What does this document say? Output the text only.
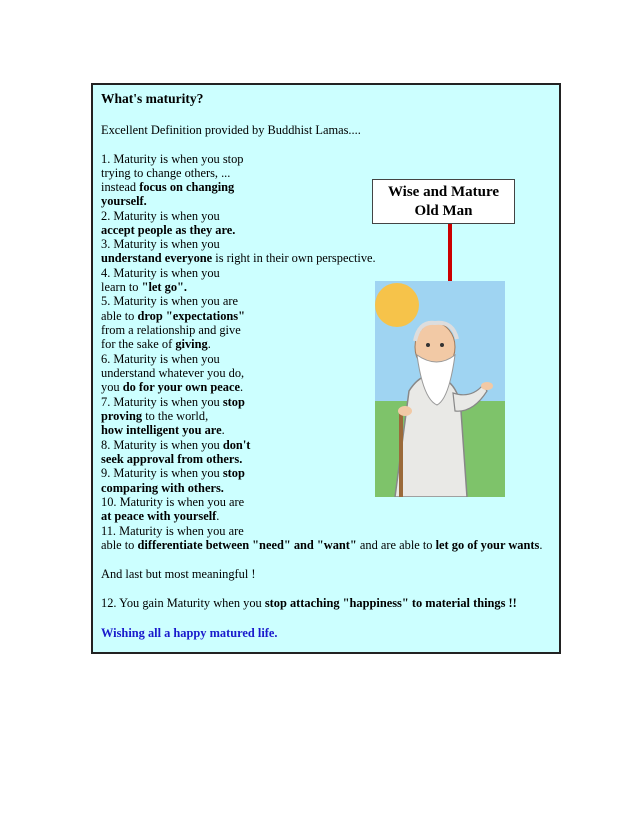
What's maturity?
Excellent Definition provided by Buddhist Lamas....
1. Maturity is when you stop
trying to change others, ...
instead focus on changing
yourself.
2. Maturity is when you
accept people as they are.
3. Maturity is when you
understand everyone is right in their own perspective.
4. Maturity is when you
learn to "let go".
5. Maturity is when you are
able to drop "expectations"
from a relationship and give
for the sake of giving.
6. Maturity is when you
understand whatever you do,
you do for your own peace.
7. Maturity is when you stop
proving to the world,
how intelligent you are.
8. Maturity is when you don't
seek approval from others.
9. Maturity is when you stop
comparing with others.
10. Maturity is when you are
at peace with yourself.
11. Maturity is when you are
able to differentiate between "need" and "want" and are able to let go of your wants.
And last but most meaningful !
12. You gain Maturity when you stop attaching "happiness" to material things !!
Wishing all a happy matured life.
Wise and Mature
Old Man
